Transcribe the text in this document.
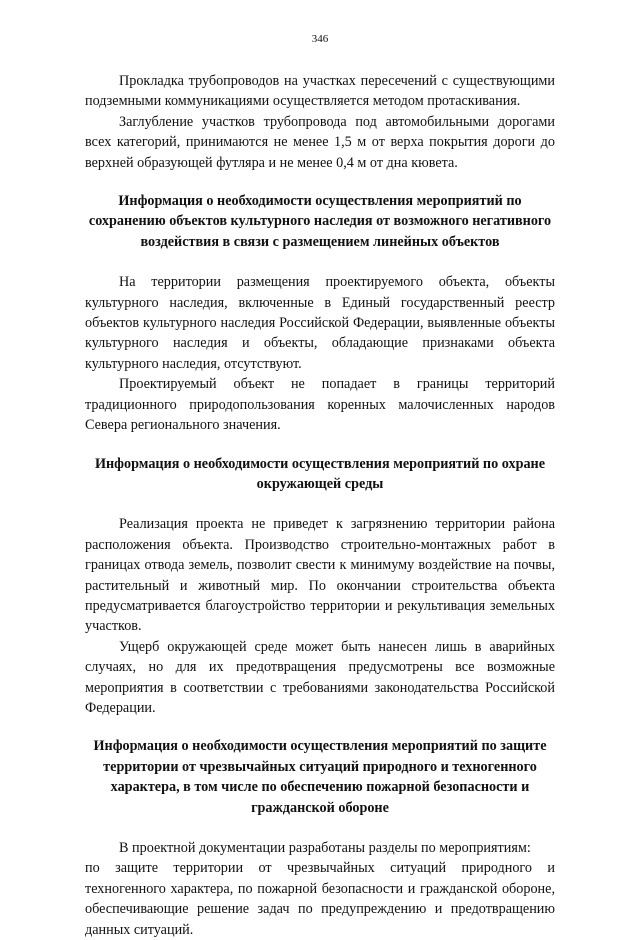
346

Прокладка трубопроводов на участках пересечений с существующими подземными коммуникациями осуществляется методом протаскивания.

Заглубление участков трубопровода под автомобильными дорогами всех категорий, принимаются не менее 1,5 м от верха покрытия дороги до верхней образующей футляра и не менее 0,4 м от дна кювета.

Информация о необходимости осуществления мероприятий по сохранению объектов культурного наследия от возможного негативного воздействия в связи с размещением линейных объектов

На территории размещения проектируемого объекта, объекты культурного наследия, включенные в Единый государственный реестр объектов культурного наследия Российской Федерации, выявленные объекты культурного наследия и объекты, обладающие признаками объекта культурного наследия, отсутствуют.

Проектируемый объект не попадает в границы территорий традиционного природопользования коренных малочисленных народов Севера регионального значения.

Информация о необходимости осуществления мероприятий по охране окружающей среды

Реализация проекта не приведет к загрязнению территории района расположения объекта. Производство строительно-монтажных работ в границах отвода земель, позволит свести к минимуму воздействие на почвы, растительный и животный мир. По окончании строительства объекта предусматривается благоустройство территории и рекультивация земельных участков.

Ущерб окружающей среде может быть нанесен лишь в аварийных случаях, но для их предотвращения предусмотрены все возможные мероприятия в соответствии с требованиями законодательства Российской Федерации.

Информация о необходимости осуществления мероприятий по защите территории от чрезвычайных ситуаций природного и техногенного характера, в том числе по обеспечению пожарной безопасности и гражданской обороне

В проектной документации разработаны разделы по мероприятиям:

по защите территории от чрезвычайных ситуаций природного и техногенного характера, по пожарной безопасности и гражданской обороне, обеспечивающие решение задач по предупреждению и предотвращению данных ситуаций.
